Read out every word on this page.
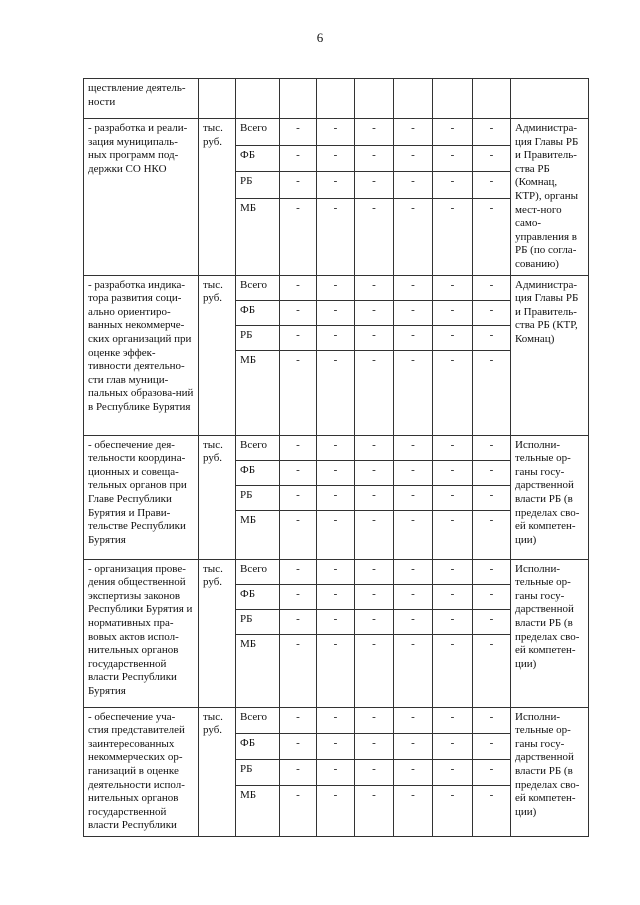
6
ществление деятель-ности									
- разработка и реали-зация муниципаль-ных программ под-держки СО НКО	тыс. руб.	Всего	-	-	-	-	-	-	Администра-ция Главы РБ и Правитель-ства РБ (Комнац, КТР), органы мест-ного само-управления в РБ (по согла-сованию)
		ФБ	-	-	-	-	-	-	
		РБ	-	-	-	-	-	-	
		МБ	-	-	-	-	-	-	
- разработка индика-тора развития соци-ально ориентиро-ванных некоммерче-ских организаций при оценке эффек-тивности деятельно-сти глав муници-пальных образова-ний в Республике Бурятия	тыс. руб.	Всего	-	-	-	-	-	-	Администра-ция Главы РБ и Правитель-ства РБ (КТР, Комнац)
		ФБ	-	-	-	-	-	-	
		РБ	-	-	-	-	-	-	
		МБ	-	-	-	-	-	-	
- обеспечение дея-тельности координа-ционных и совеща-тельных органов при Главе Республики Бурятия и Прави-тельстве Республики Бурятия	тыс. руб.	Всего	-	-	-	-	-	-	Исполни-тельные ор-ганы госу-дарственной власти РБ (в пределах сво-ей компетен-ции)
		ФБ	-	-	-	-	-	-	
		РБ	-	-	-	-	-	-	
		МБ	-	-	-	-	-	-	
- организация прове-дения общественной экспертизы законов Республики Бурятия и нормативных пра-вовых актов испол-нительных органов государственной власти Республики Бурятия	тыс. руб.	Всего	-	-	-	-	-	-	Исполни-тельные ор-ганы госу-дарственной власти РБ (в пределах сво-ей компетен-ции)
		ФБ	-	-	-	-	-	-	
		РБ	-	-	-	-	-	-	
		МБ	-	-	-	-	-	-	
- обеспечение уча-стия представителей заинтересованных некоммерческих ор-ганизаций в оценке деятельности испол-нительных органов государственной власти Республики	тыс. руб.	Всего	-	-	-	-	-	-	Исполни-тельные ор-ганы госу-дарственной власти РБ (в пределах сво-ей компетен-ции)
		ФБ	-	-	-	-	-	-	
		РБ	-	-	-	-	-	-	
		МБ	-	-	-	-	-	-	
